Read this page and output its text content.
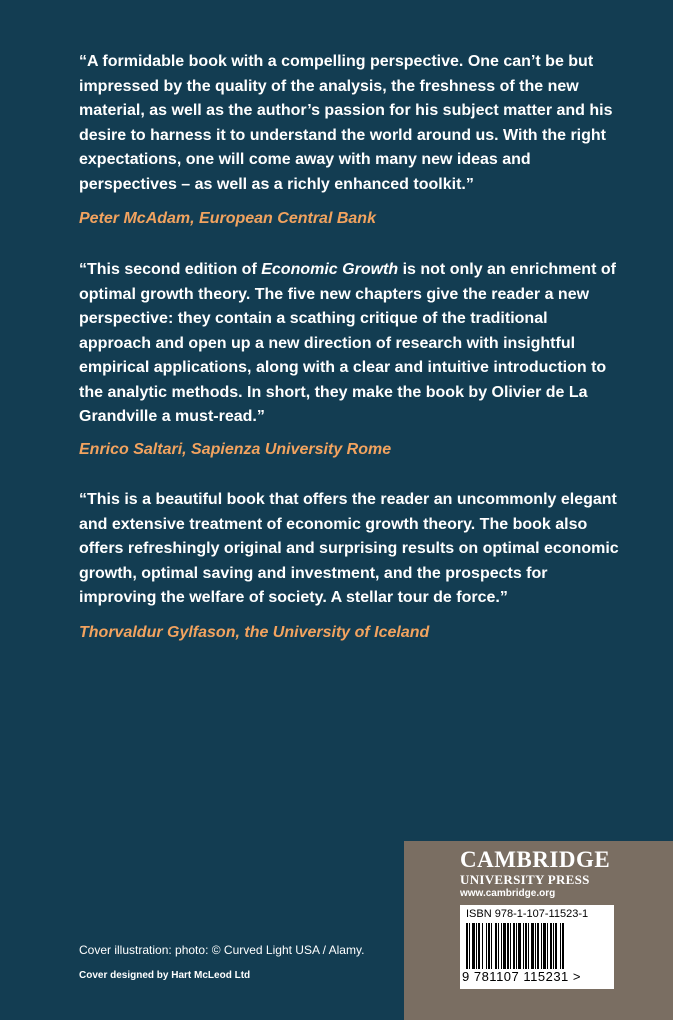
“A formidable book with a compelling perspective. One can’t be but impressed by the quality of the analysis, the freshness of the new material, as well as the author’s passion for his subject matter and his desire to harness it to understand the world around us. With the right expectations, one will come away with many new ideas and perspectives – as well as a richly enhanced toolkit.”

Peter McAdam, European Central Bank

“This second edition of Economic Growth is not only an enrichment of optimal growth theory. The five new chapters give the reader a new perspective: they contain a scathing critique of the traditional approach and open up a new direction of research with insightful empirical applications, along with a clear and intuitive introduction to the analytic methods. In short, they make the book by Olivier de La Grandville a must-read.”

Enrico Saltari, Sapienza University Rome

“This is a beautiful book that offers the reader an uncommonly elegant and extensive treatment of economic growth theory. The book also offers refreshingly original and surprising results on optimal economic growth, optimal saving and investment, and the prospects for improving the welfare of society. A stellar tour de force.”

Thorvaldur Gylfason, the University of Iceland

Cover illustration: photo: © Curved Light USA / Alamy.

Cover designed by Hart McLeod Ltd

CAMBRIDGE

UNIVERSITY PRESS

www.cambridge.org

ISBN 978-1-107-11523-1

9 781107 115231 >
